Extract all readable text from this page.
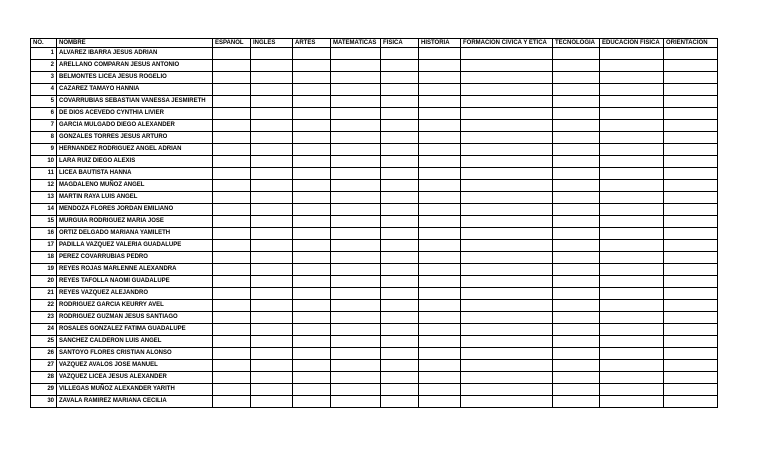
NO.	NOMBRE	ESPAÑOL	INGLES	ARTES	MATEMATICAS	FISICA	HISTORIA	FORMACION CIVICA Y ETICA	TECNOLOGIA	EDUCACIÓN FISICA	ORIENTACIÓN
1	ALVAREZ IBARRA JESUS ADRIAN										
2	ARELLANO COMPARAN JESUS ANTONIO										
3	BELMONTES LICEA JESUS ROGELIO										
4	CAZAREZ TAMAYO HANNIA										
5	COVARRUBIAS SEBASTIAN VANESSA JESMIRETH										
6	DE DIOS ACEVEDO CYNTHIA LIVIER										
7	GARCIA MULGADO DIEGO ALEXANDER										
8	GONZALES TORRES JESUS ARTURO										
9	HERNANDEZ RODRIGUEZ ANGEL ADRIAN										
10	LARA RUIZ DIEGO ALEXIS										
11	LICEA BAUTISTA HANNA										
12	MAGDALENO MUÑOZ ANGEL										
13	MARTIN RAYA LUIS ANGEL										
14	MENDOZA FLORES JORDAN EMILIANO										
15	MURGUIA RODRIGUEZ MARIA JOSE										
16	ORTIZ DELGADO MARIANA YAMILETH										
17	PADILLA VAZQUEZ VALERIA GUADALUPE										
18	PEREZ COVARRUBIAS PEDRO										
19	REYES ROJAS MARLENNE ALEXANDRA										
20	REYES TAFOLLA NAOMI GUADALUPE										
21	REYES VAZQUEZ ALEJANDRO										
22	RODRIGUEZ GARCIA KEURRY AVEL										
23	RODRIGUEZ GUZMAN JESUS SANTIAGO										
24	ROSALES GONZALEZ FATIMA GUADALUPE										
25	SANCHEZ CALDERON LUIS ANGEL										
26	SANTOYO FLORES CRISTIAN ALONSO										
27	VAZQUEZ AVALOS JOSE MANUEL										
28	VAZQUEZ LICEA JESUS ALEXANDER										
29	VILLEGAS MUÑOZ ALEXANDER YARITH										
30	ZAVALA RAMIREZ MARIANA CECILIA										
